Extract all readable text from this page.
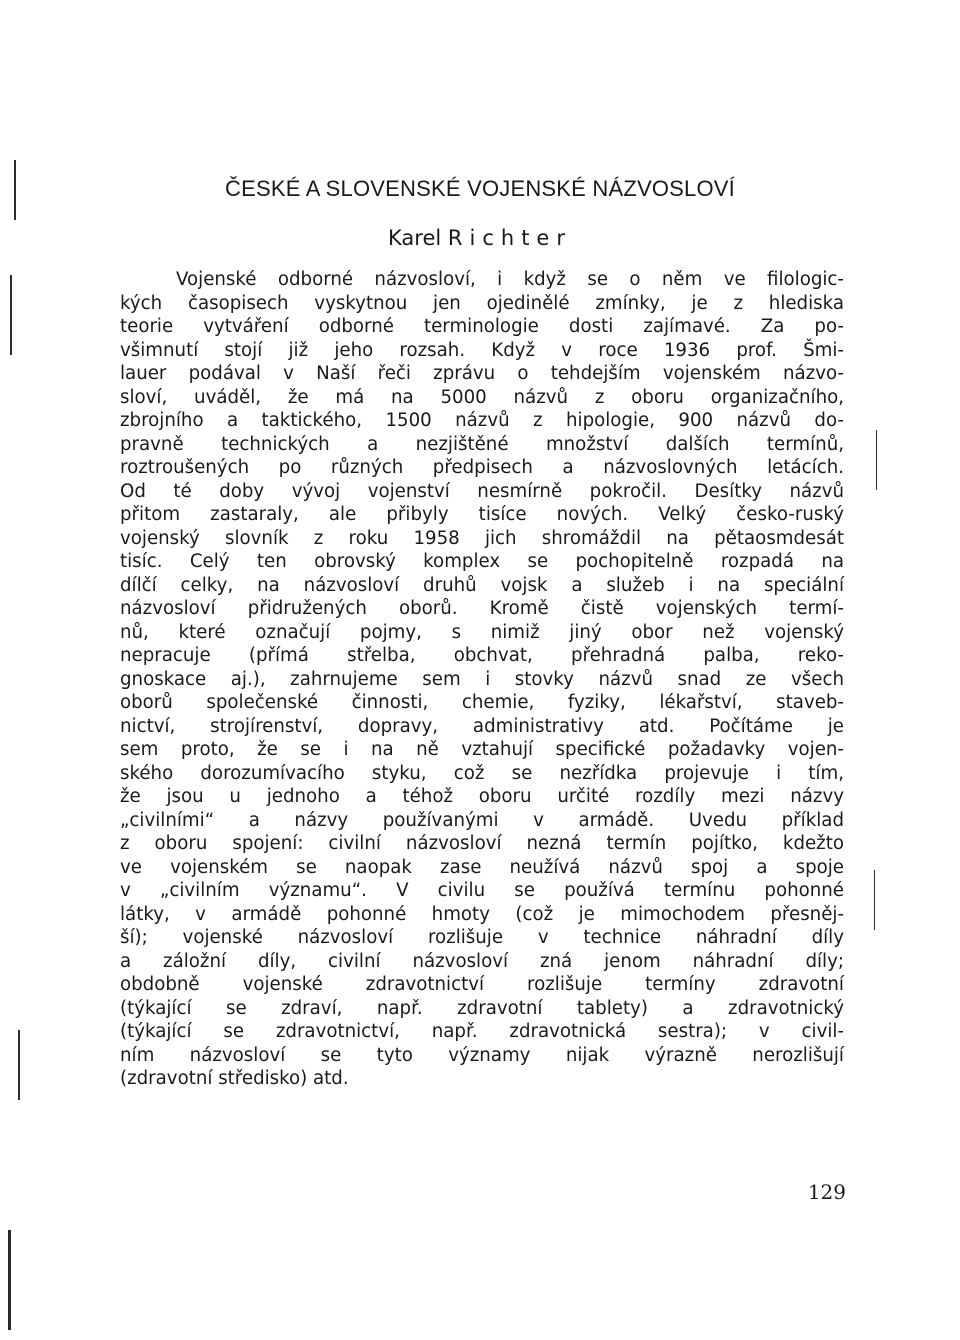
ČESKÉ A SLOVENSKÉ VOJENSKÉ NÁZVOSLOVÍ

Karel Richter

Vojenské odborné názvosloví, i když se o něm ve filologic-
kých časopisech vyskytnou jen ojedinělé zmínky, je z hlediska
teorie vytváření odborné terminologie dosti zajímavé. Za po-
všimnutí stojí již jeho rozsah. Když v roce 1936 prof. Šmi-
lauer podával v Naší řeči zprávu o tehdejším vojenském názvo-
sloví, uváděl, že má na 5000 názvů z oboru organizačního,
zbrojního a taktického, 1500 názvů z hipologie, 900 názvů do-
pravně technických a nezjištěné množství dalších termínů,
roztroušených po různých předpisech a názvoslovných letácích.
Od té doby vývoj vojenství nesmírně pokročil. Desítky názvů
přitom zastaraly, ale přibyly tisíce nových. Velký česko-ruský
vojenský slovník z roku 1958 jich shromáždil na pětaosmdesát
tisíc. Celý ten obrovský komplex se pochopitelně rozpadá na
dílčí celky, na názvosloví druhů vojsk a služeb i na speciální
názvosloví přidružených oborů. Kromě čistě vojenských termí-
nů, které označují pojmy, s nimiž jiný obor než vojenský
nepracuje (přímá střelba, obchvat, přehradná palba, reko-
gnoskace aj.), zahrnujeme sem i stovky názvů snad ze všech
oborů společenské činnosti, chemie, fyziky, lékařství, staveb-
nictví, strojírenství, dopravy, administrativy atd. Počítáme je
sem proto, že se i na ně vztahují specifické požadavky vojen-
ského dorozumívacího styku, což se nezřídka projevuje i tím,
že jsou u jednoho a téhož oboru určité rozdíly mezi názvy
„civilními“ a názvy používanými v armádě. Uvedu příklad
z oboru spojení: civilní názvosloví nezná termín pojítko, kdežto
ve vojenském se naopak zase neužívá názvů spoj a spoje
v „civilním významu“. V civilu se používá termínu pohonné
látky, v armádě pohonné hmoty (což je mimochodem přesněj-
ší); vojenské názvosloví rozlišuje v technice náhradní díly
a záložní díly, civilní názvosloví zná jenom náhradní díly;
obdobně vojenské zdravotnictví rozlišuje termíny zdravotní
(týkající se zdraví, např. zdravotní tablety) a zdravotnický
(týkající se zdravotnictví, např. zdravotnická sestra); v civil-
ním názvosloví se tyto významy nijak výrazně nerozlišují
(zdravotní středisko) atd.
129
